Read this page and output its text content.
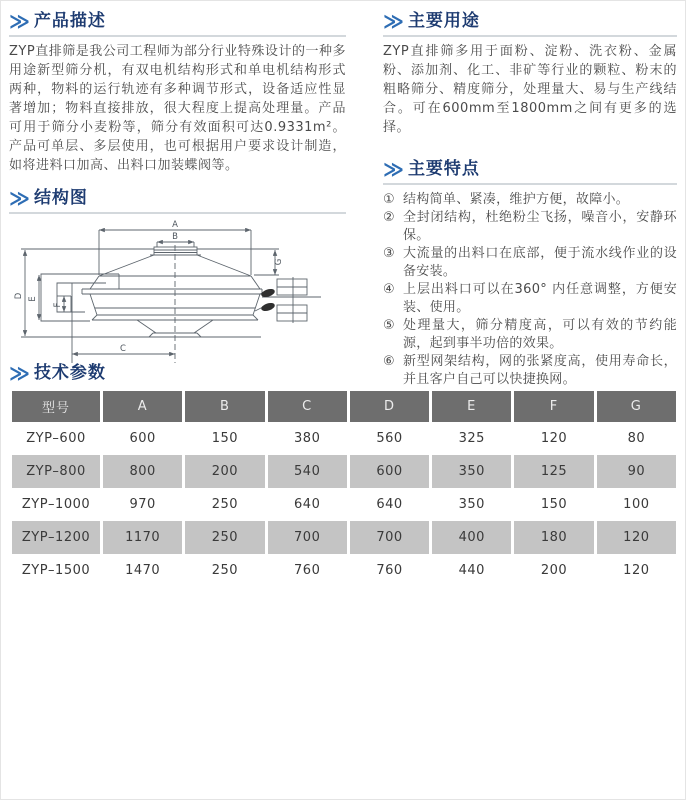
≫ 产品描述

ZYP直排筛是我公司工程师为部分行业特殊设计的一种多用途新型筛分机，有双电机结构形式和单电机结构形式两种，物料的运行轨迹有多种调节形式，设备适应性显著增加；物料直接排放，很大程度上提高处理量。产品可用于筛分小麦粉等，筛分有效面积可达0.9331m²。产品可单层、多层使用，也可根据用户要求设计制造，如将进料口加高、出料口加装蝶阀等。

≫ 结构图
A
B
C
D E
F
G
≫ 主要用途

ZYP直排筛多用于面粉、淀粉、洗衣粉、金属粉、添加剂、化工、非矿等行业的颗粒、粉末的粗略筛分、精度筛分，处理量大、易与生产线结合。可在600mm至1800mm之间有更多的选择。

≫ 主要特点
① 结构简单、紧凑，维护方便，故障小。
② 全封闭结构，杜绝粉尘飞扬，噪音小，安静环保。
③ 大流量的出料口在底部，便于流水线作业的设备安装。
④ 上层出料口可以在360° 内任意调整，方便安装、使用。
⑤ 处理量大，筛分精度高，可以有效的节约能源，起到事半功倍的效果。
⑥ 新型网架结构，网的张紧度高，使用寿命长，并且客户自己可以快捷换网。
≫ 技术参数
型号	A	B	C	D	E	F	G
ZYP–600	600	150	380	560	325	120	80
ZYP–800	800	200	540	600	350	125	90
ZYP–1000	970	250	640	640	350	150	100
ZYP–1200	1170	250	700	700	400	180	120
ZYP–1500	1470	250	760	760	440	200	120
